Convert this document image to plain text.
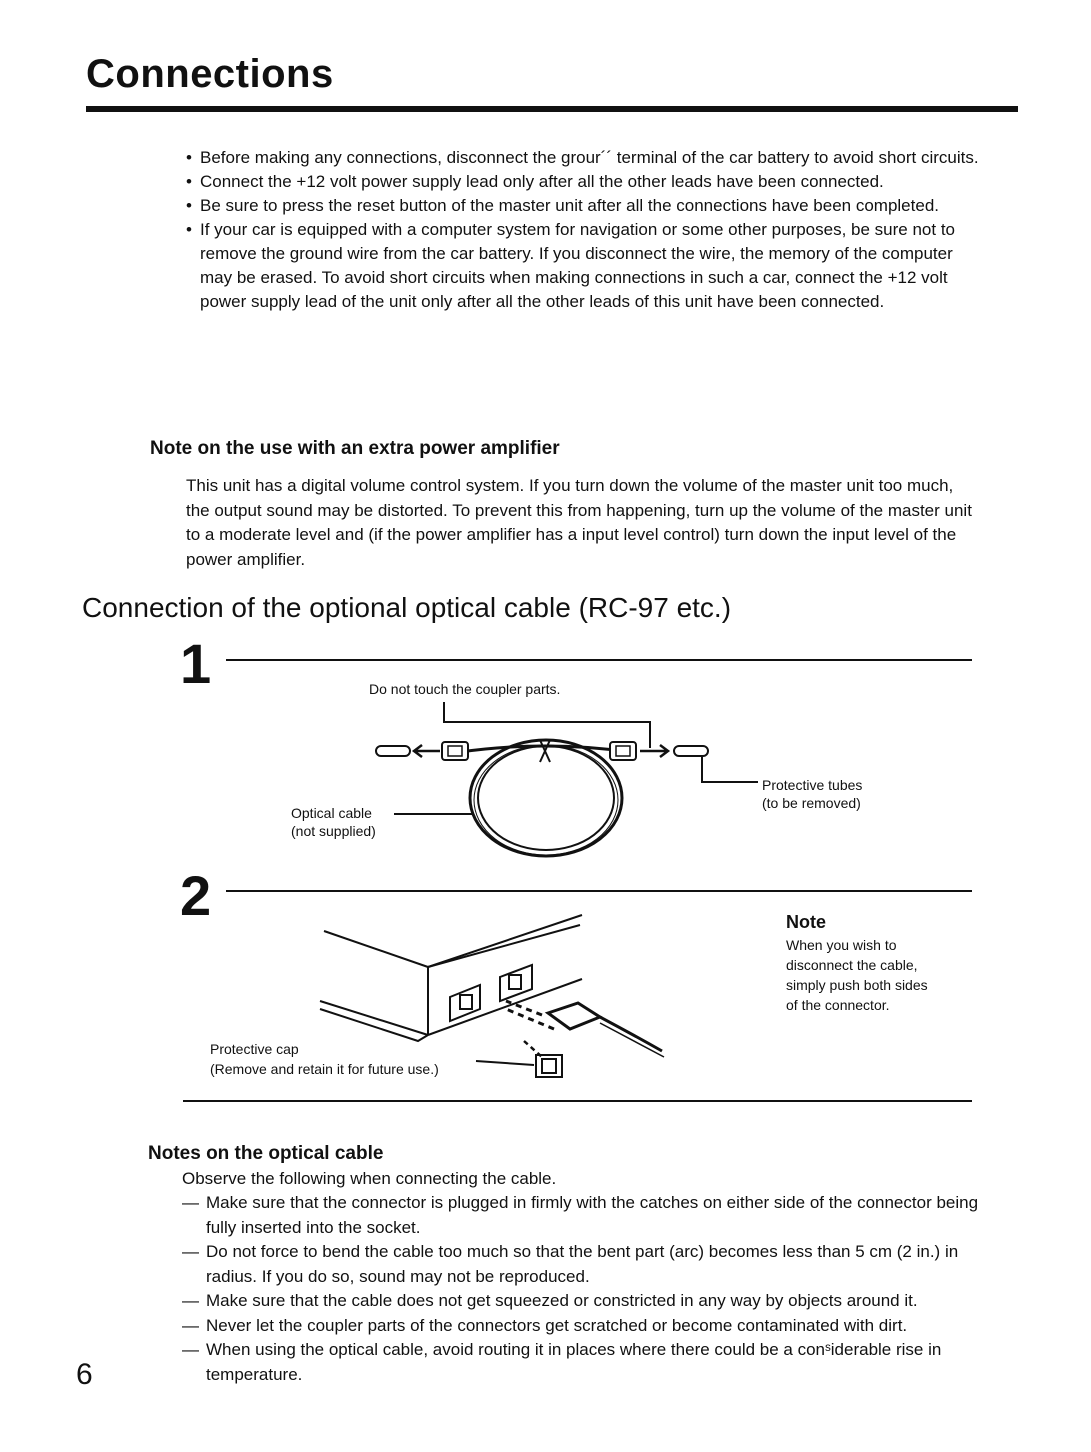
Connections
• Before making any connections, disconnect the grour´´ terminal of the car battery to avoid short circuits.
• Connect the +12 volt power supply lead only after all the other leads have been connected.
• Be sure to press the reset button of the master unit after all the connections have been completed.
• If your car is equipped with a computer system for navigation or some other purposes, be sure not to remove the ground wire from the car battery. If you disconnect the wire, the memory of the computer may be erased. To avoid short circuits when making connections in such a car, connect the +12 volt power supply lead of the unit only after all the other leads of this unit have been connected.
Note on the use with an extra power amplifier

This unit has a digital volume control system. If you turn down the volume of the master unit too much, the output sound may be distorted. To prevent this from happening, turn up the volume of the master unit to a moderate level and (if the power amplifier has a input level control) turn down the input level of the power amplifier.

Connection of the optional optical cable (RC-97 etc.)
1	Do not touch the coupler parts.
Protective tubes
(to be removed)
Optical cable
(not supplied)
2	Note
When you wish to
disconnect the cable,
simply push both sides
of the connector.
Protective cap
(Remove and retain it for future use.)
Notes on the optical cable

Observe the following when connecting the cable.

— Make sure that the connector is plugged in firmly with the catches on either side of the connector being fully inserted into the socket.
— Do not force to bend the cable too much so that the bent part (arc) becomes less than 5 cm (2 in.) in radius. If you do so, sound may not be reproduced.
— Make sure that the cable does not get squeezed or constricted in any way by objects around it.
— Never let the coupler parts of the connectors get scratched or become contaminated with dirt.
— When using the optical cable, avoid routing it in places where there could be a conˢiderable rise in temperature.
6
